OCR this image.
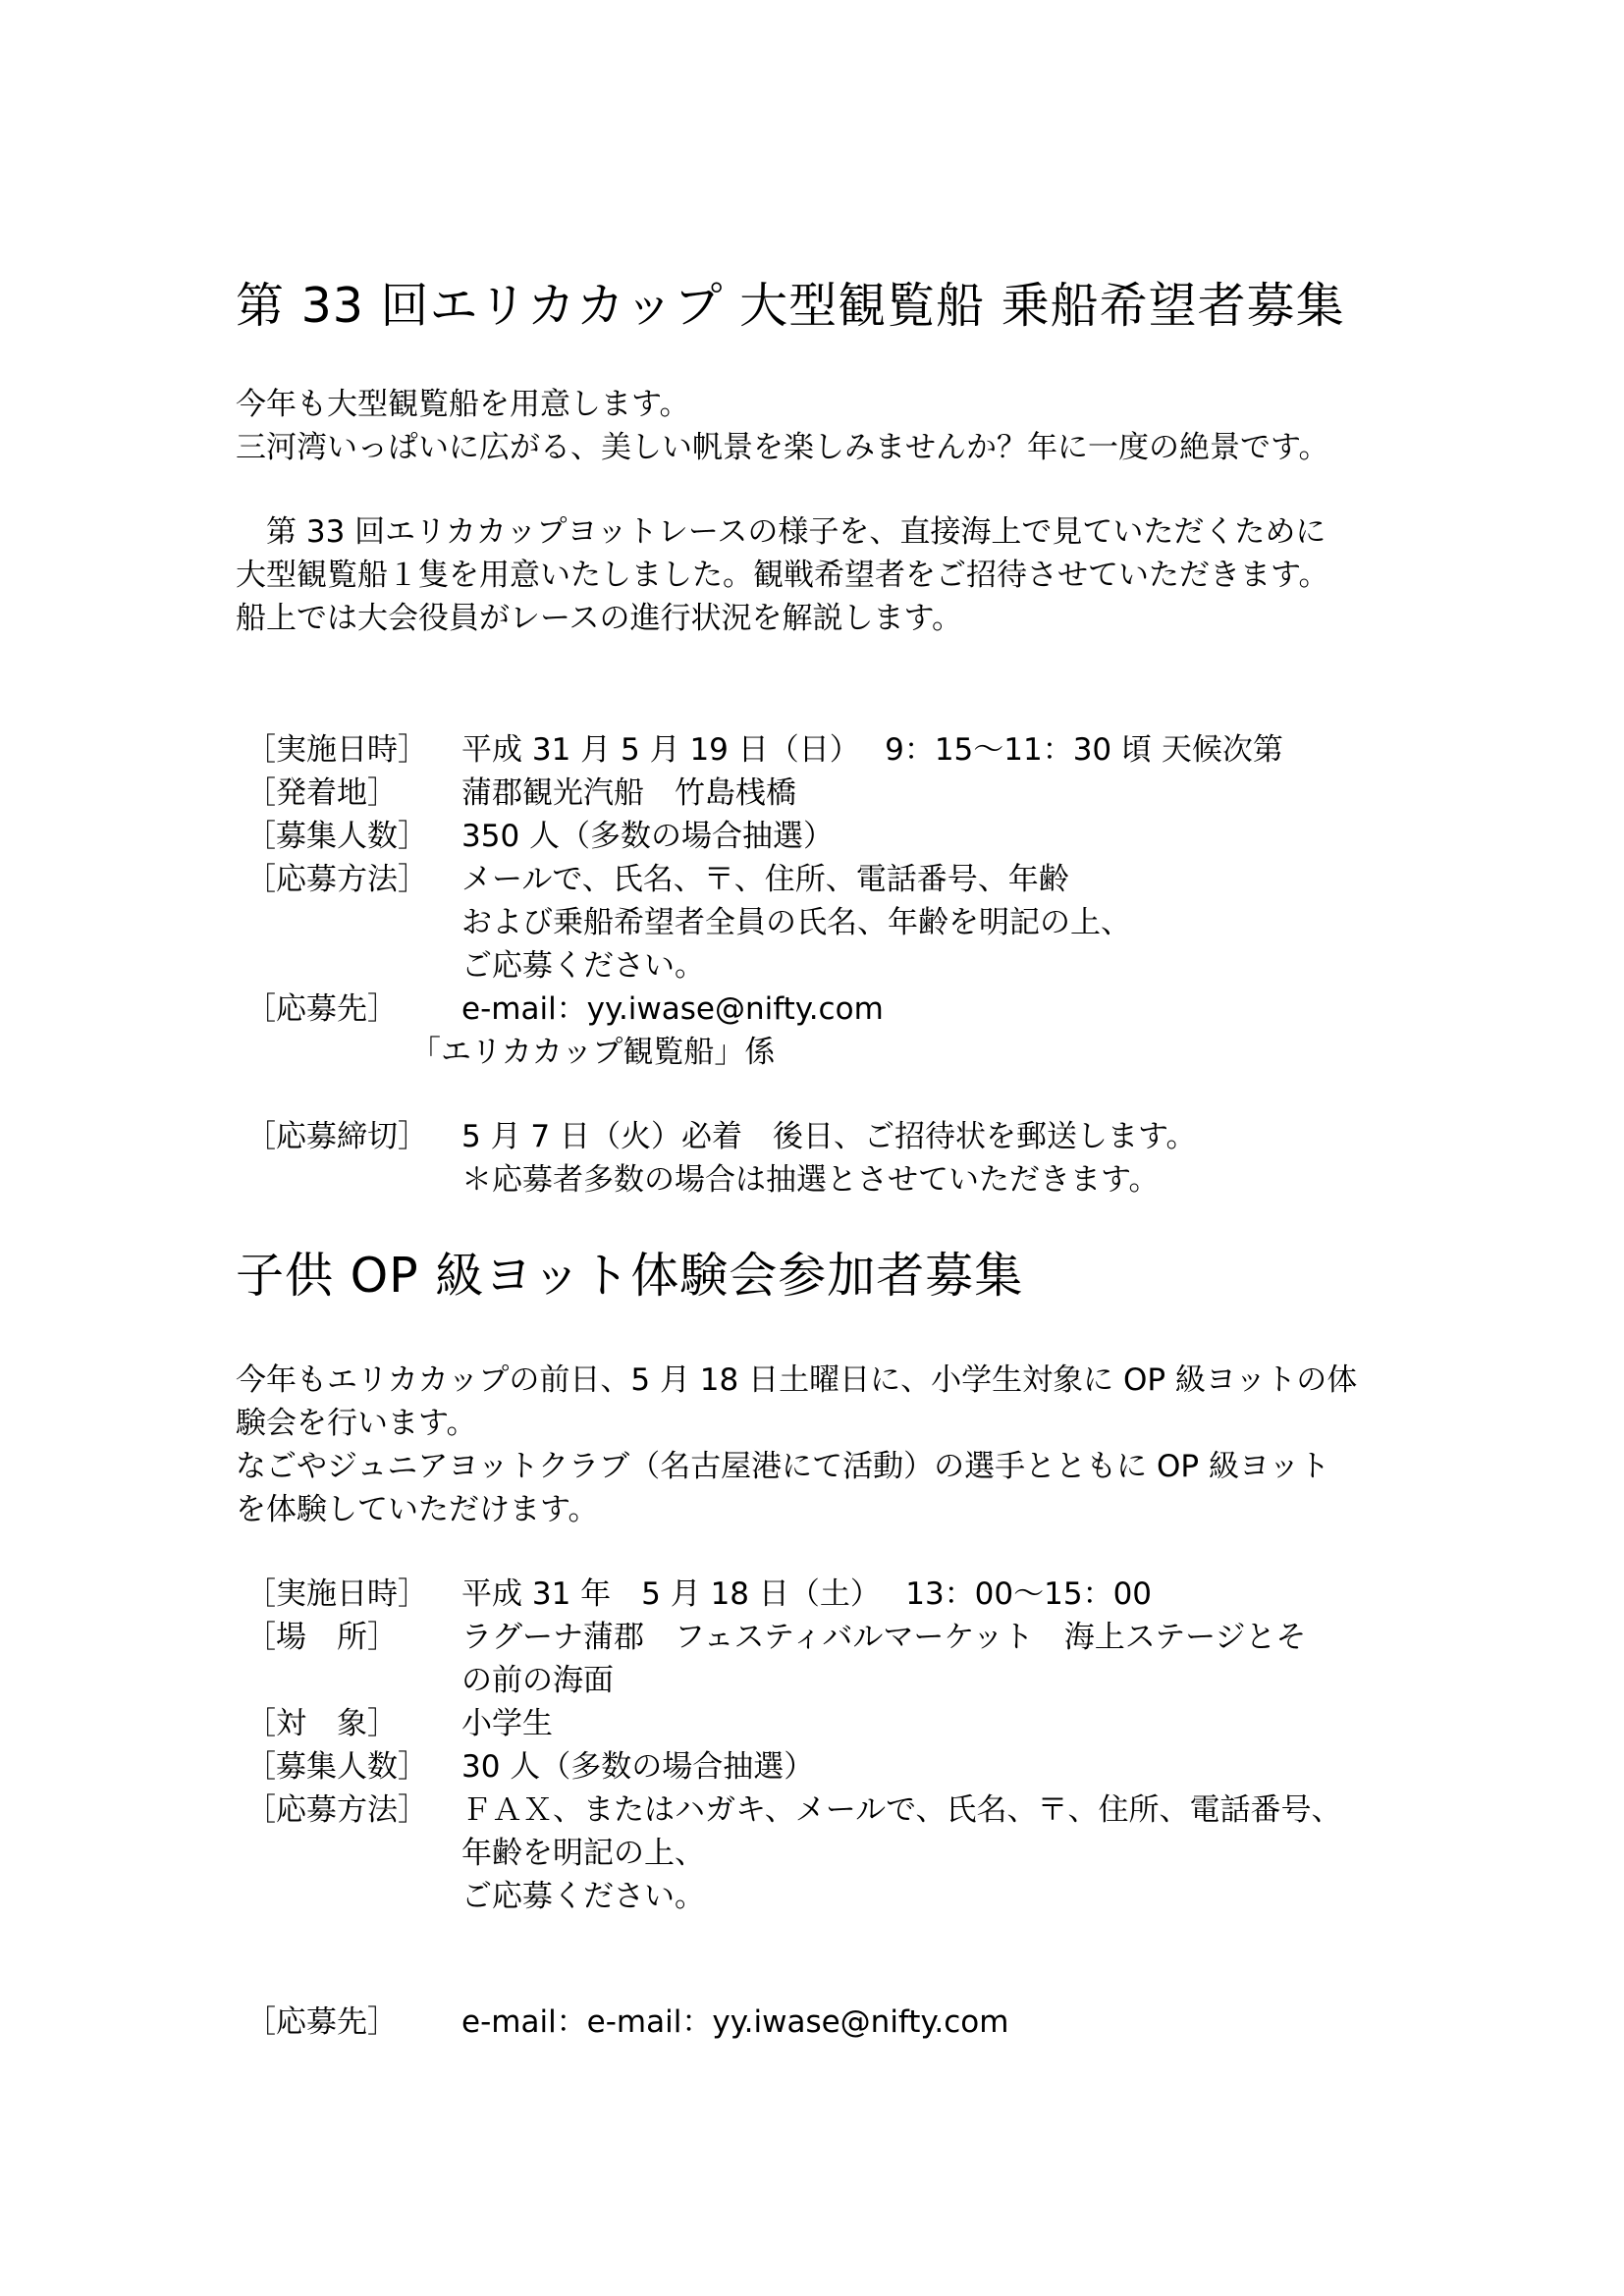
第 33 回エリカカップ 大型観覧船 乗船希望者募集
今年も大型観覧船を用意します。
三河湾いっぱいに広がる、美しい帆景を楽しみませんか？年に一度の絶景です。
　第 33 回エリカカップヨットレースの様子を、直接海上で見ていただくために
大型観覧船１隻を用意いたしました。観戦希望者をご招待させていただきます。
船上では大会役員がレースの進行状況を解説します。
［実施日時］ 平成 31 月 5 月 19 日（日）　 9：15〜11：30 頃 天候次第
［発着地］ 蒲郡観光汽船　竹島桟橋
［募集人数］ 350 人（多数の場合抽選）
［応募方法］ メールで、氏名、〒、住所、電話番号、年齢
および乗船希望者全員の氏名、年齢を明記の上、
ご応募ください。
［応募先］ e-mail：yy.iwase@nifty.com
「エリカカップ観覧船」係
［応募締切］ 5 月 7 日（火）必着　後日、ご招待状を郵送します。
＊応募者多数の場合は抽選とさせていただきます。
子供 OP 級ヨット体験会参加者募集
今年もエリカカップの前日、5 月 18 日土曜日に、小学生対象に OP 級ヨットの体
験会を行います。
なごやジュニアヨットクラブ（名古屋港にて活動）の選手とともに OP 級ヨット
を体験していただけます。
［実施日時］ 平成 31 年　5 月 18 日（土）　 13：00〜15：00
［場　所］ ラグーナ蒲郡　フェスティバルマーケット　海上ステージとそ
の前の海面
［対　象］ 小学生
［募集人数］ 30 人（多数の場合抽選）
［応募方法］ ＦＡＸ、またはハガキ、メールで、氏名、〒、住所、電話番号、
年齢を明記の上、
ご応募ください。
［応募先］ e-mail：e-mail：yy.iwase@nifty.com
